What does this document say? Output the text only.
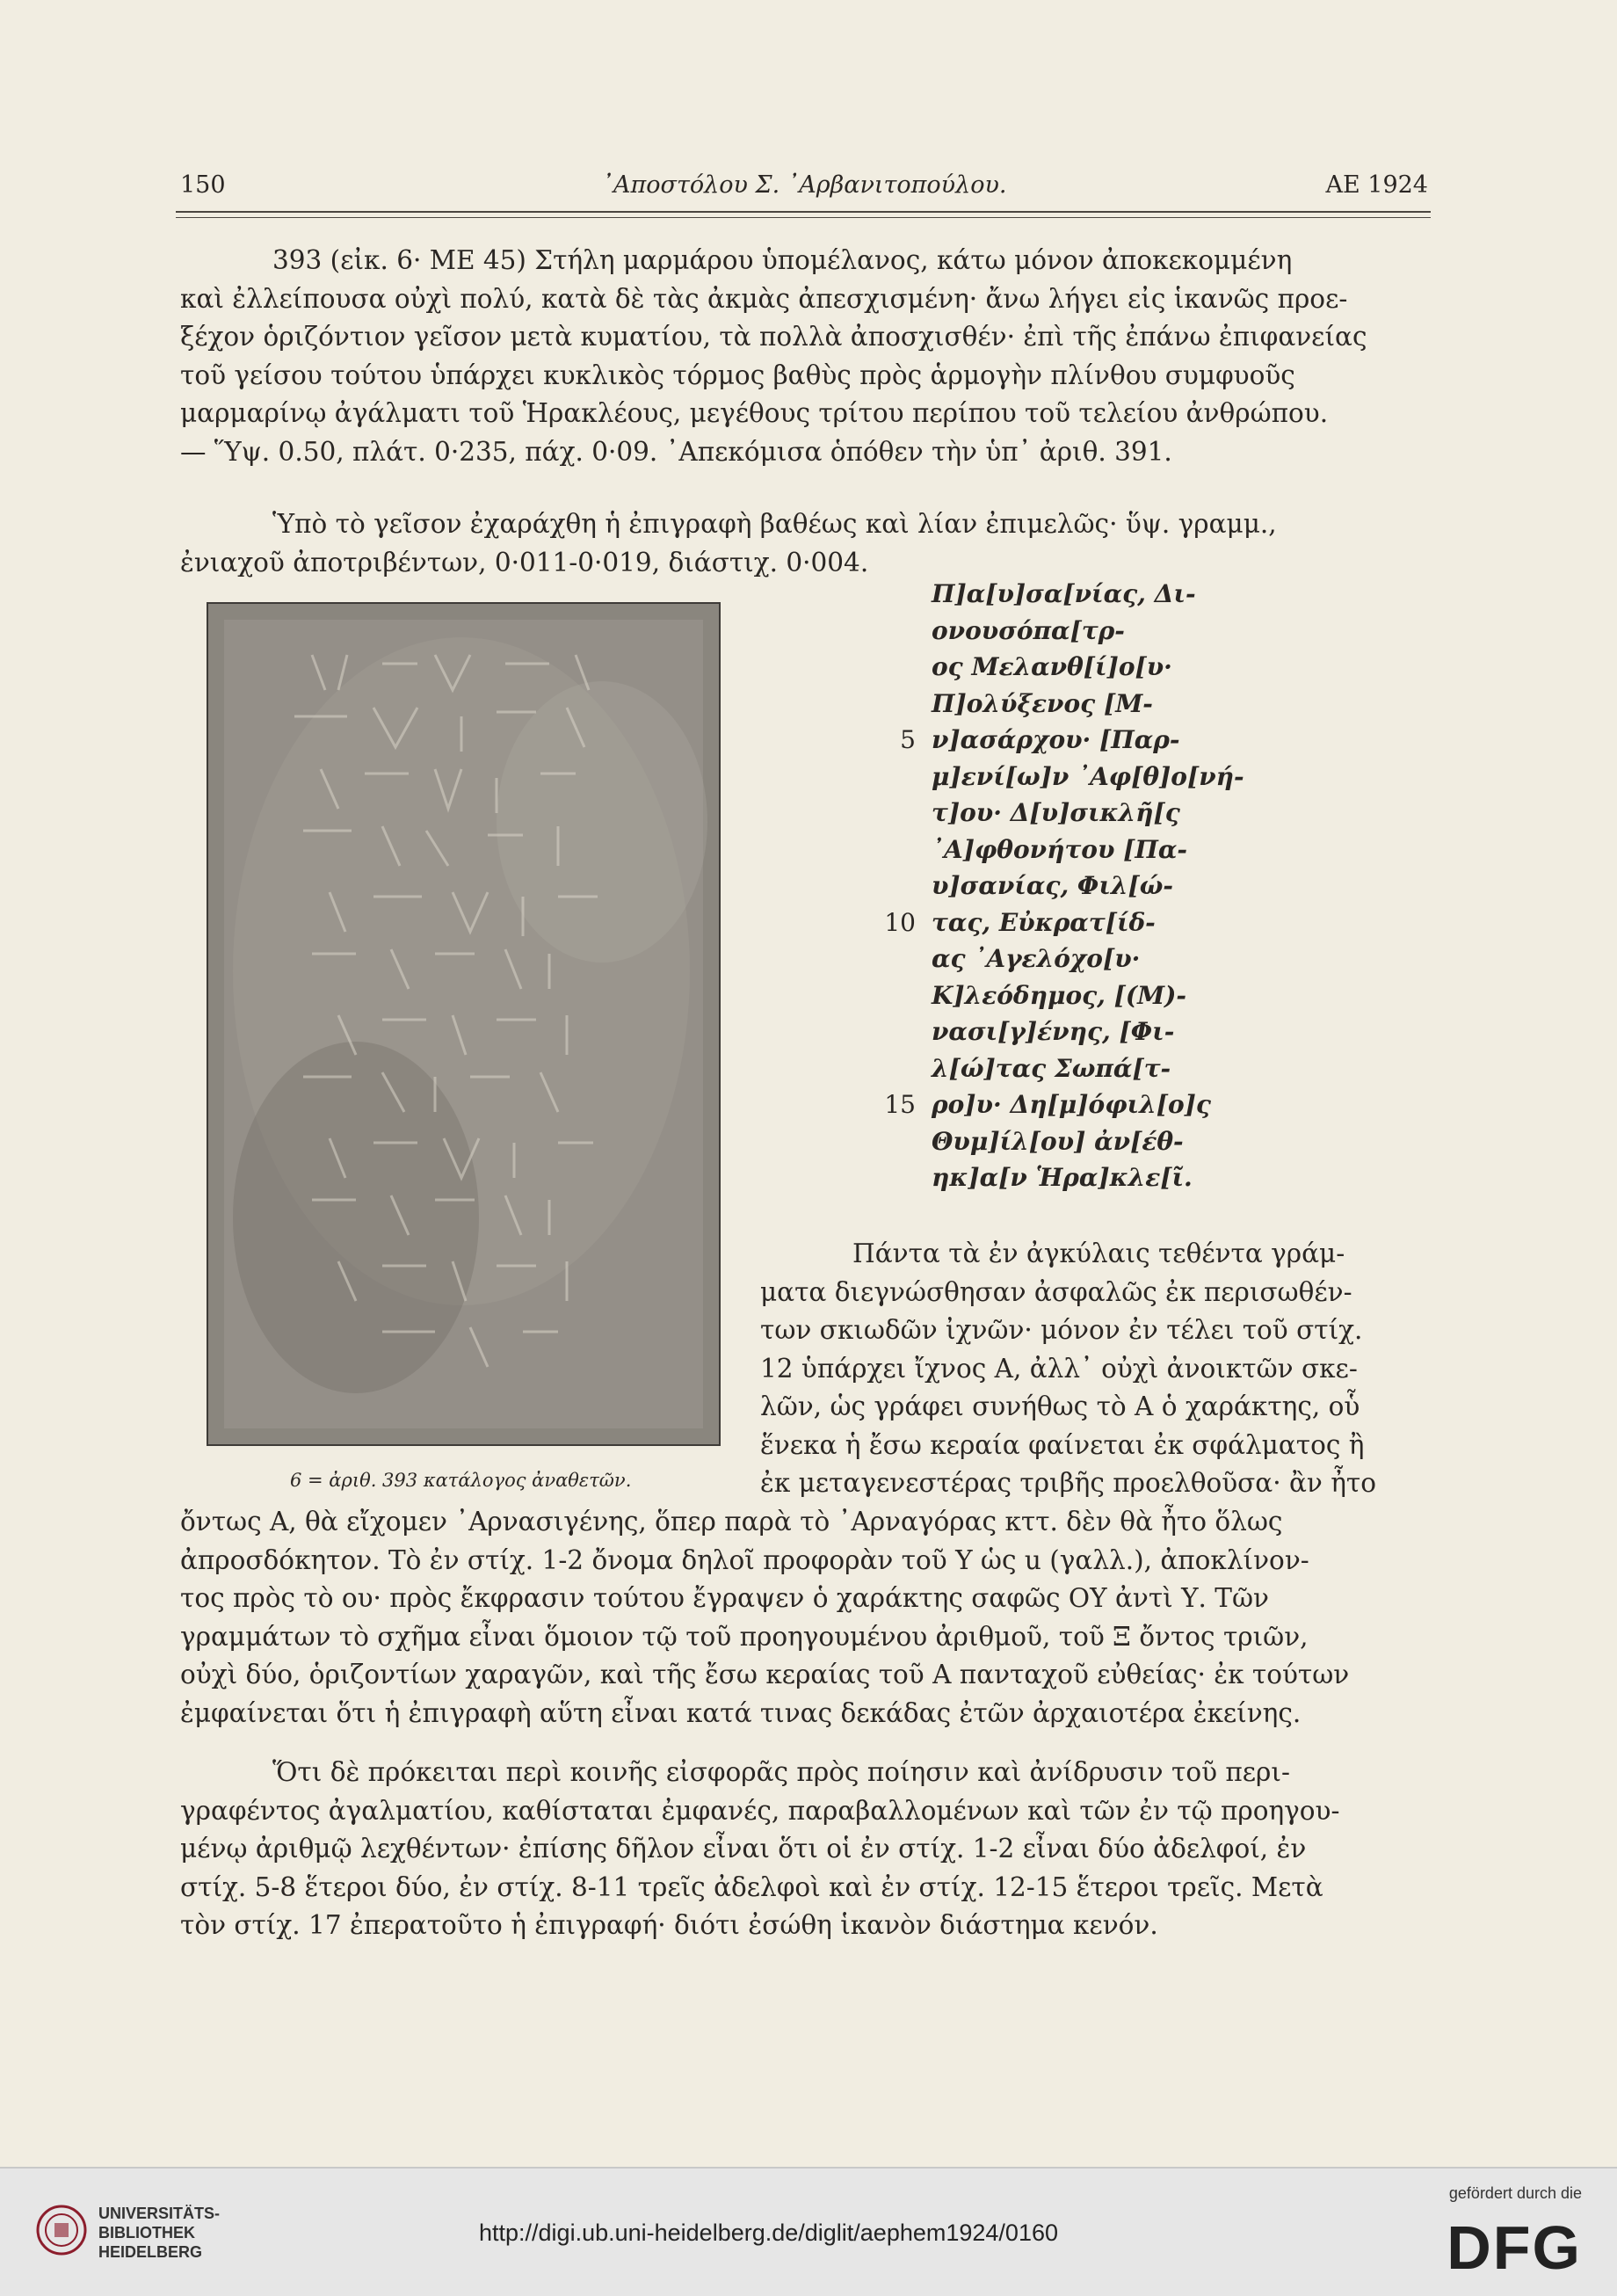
150	᾿Αποστόλου Σ. ᾿Αρβανιτοπούλου.	ΑΕ 1924
393 (εἰκ. 6· ΜΕ 45) Στήλη μαρμάρου ὑπομέλανος, κάτω μόνον ἀποκεκομμένη
καὶ ἐλλείπουσα οὐχὶ πολύ, κατὰ δὲ τὰς ἀκμὰς ἀπεσχισμένη· ἄνω λήγει εἰς ἱκανῶς προε-
ξέχον ὁριζόντιον γεῖσον μετὰ κυματίου, τὰ πολλὰ ἀποσχισθέν· ἐπὶ τῆς ἐπάνω ἐπιφανείας
τοῦ γείσου τούτου ὑπάρχει κυκλικὸς τόρμος βαθὺς πρὸς ἁρμογὴν πλίνθου συμφυοῦς
μαρμαρίνῳ ἀγάλματι τοῦ Ἡρακλέους, μεγέθους τρίτου περίπου τοῦ τελείου ἀνθρώπου.
— Ὕψ. 0.50, πλάτ. 0·235, πάχ. 0·09. ᾿Απεκόμισα ὁπόθεν τὴν ὑπ᾿ ἀριθ. 391.
Ὑπὸ τὸ γεῖσον ἐχαράχθη ἡ ἐπιγραφὴ βαθέως καὶ λίαν ἐπιμελῶς· ὕψ. γραμμ.,
ἐνιαχοῦ ἀποτριβέντων, 0·011-0·019, διάστιχ. 0·004.
6 = ἀριθ. 393 κατάλογος ἀναθετῶν.
Π]α[υ]σα[νίας, Δι-
ονουσόπα[τρ-
ος Μελανθ[ί]ο[υ·
Π]ολύξενος [Μ-
5 ν]ασάρχου· [Παρ-
μ]ενί[ω]ν ᾿Αφ[θ]ο[νή-
τ]ου· Δ[υ]σικλῆ[ς
᾿Α]φθονήτου [Πα-
υ]σανίας, Φιλ[ώ-
10 τας, Εὐκρατ[ίδ-
ας ᾿Αγελόχο[υ·
Κ]λεόδημος, [(Μ)-
νασι[γ]ένης, [Φι-
λ[ώ]τας Σωπά[τ-
15 ρο]υ· Δη[μ]όφιλ[ο]ς
Θυμ]ίλ[ου] ἀν[έθ-
ηκ]α[ν Ἡρα]κλε[ῖ.
Πάντα τὰ ἐν ἀγκύλαις τεθέντα γράμ-
ματα διεγνώσθησαν ἀσφαλῶς ἐκ περισωθέν-
των σκιωδῶν ἰχνῶν· μόνον ἐν τέλει τοῦ στίχ.
12 ὑπάρχει ἴχνος Α, ἀλλ᾿ οὐχὶ ἀνοικτῶν σκε-
λῶν, ὡς γράφει συνήθως τὸ Α ὁ χαράκτης, οὗ
ἕνεκα ἡ ἔσω κεραία φαίνεται ἐκ σφάλματος ἢ
ἐκ μεταγενεστέρας τριβῆς προελθοῦσα· ἂν ἦτο
ὄντως Α, θὰ εἴχομεν ᾿Αρνασιγένης, ὅπερ παρὰ τὸ ᾿Αρναγόρας κττ. δὲν θὰ ἦτο ὅλως
ἀπροσδόκητον. Τὸ ἐν στίχ. 1-2 ὄνομα δηλοῖ προφορὰν τοῦ Υ ὡς u (γαλλ.), ἀποκλίνον-
τος πρὸς τὸ ου· πρὸς ἔκφρασιν τούτου ἔγραψεν ὁ χαράκτης σαφῶς ΟΥ ἀντὶ Υ. Τῶν
γραμμάτων τὸ σχῆμα εἶναι ὅμοιον τῷ τοῦ προηγουμένου ἀριθμοῦ, τοῦ Ξ ὄντος τριῶν,
οὐχὶ δύο, ὁριζοντίων χαραγῶν, καὶ τῆς ἔσω κεραίας τοῦ Α πανταχοῦ εὐθείας· ἐκ τούτων
ἐμφαίνεται ὅτι ἡ ἐπιγραφὴ αὕτη εἶναι κατά τινας δεκάδας ἐτῶν ἀρχαιοτέρα ἐκείνης.
Ὅτι δὲ πρόκειται περὶ κοινῆς εἰσφορᾶς πρὸς ποίησιν καὶ ἀνίδρυσιν τοῦ περι-
γραφέντος ἀγαλματίου, καθίσταται ἐμφανές, παραβαλλομένων καὶ τῶν ἐν τῷ προηγου-
μένῳ ἀριθμῷ λεχθέντων· ἐπίσης δῆλον εἶναι ὅτι οἱ ἐν στίχ. 1-2 εἶναι δύο ἀδελφοί, ἐν
στίχ. 5-8 ἕτεροι δύο, ἐν στίχ. 8-11 τρεῖς ἀδελφοὶ καὶ ἐν στίχ. 12-15 ἕτεροι τρεῖς. Μετὰ
τὸν στίχ. 17 ἐπερατοῦτο ἡ ἐπιγραφή· διότι ἐσώθη ἱκανὸν διάστημα κενόν.
UNIVERSITÄTS-
BIBLIOTHEK
HEIDELBERG
http://digi.ub.uni-heidelberg.de/diglit/aephem1924/0160
gefördert durch die
DFG
